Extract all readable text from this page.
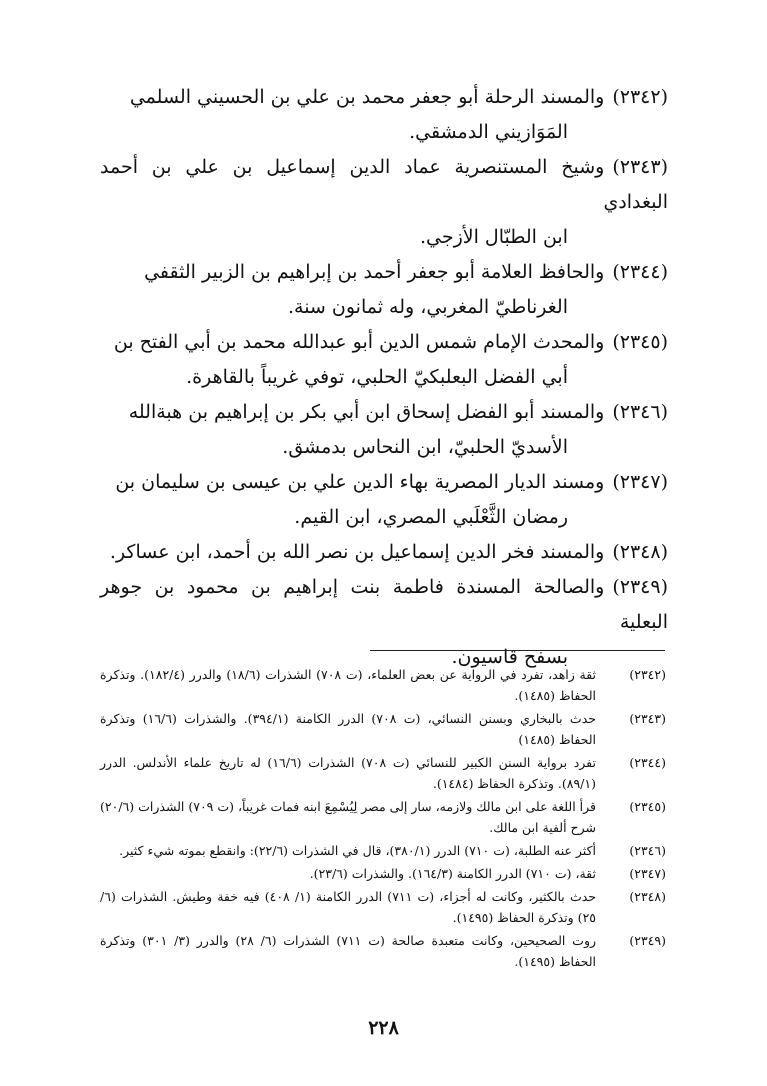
(٢٣٤٢)والمسند الرحلة أبو جعفر محمد بن علي بن الحسيني السلمي
المَوَازيني الدمشقي.
(٢٣٤٣)وشيخ المستنصرية عماد الدين إسماعيل بن علي بن أحمد البغدادي
ابن الطبّال الأزجي.
(٢٣٤٤)والحافظ العلامة أبو جعفر أحمد بن إبراهيم بن الزبير الثقفي
الغرناطيّ المغربي، وله ثمانون سنة.
(٢٣٤٥)والمحدث الإمام شمس الدين أبو عبدالله محمد بن أبي الفتح بن
أبي الفضل البعلبكيّ الحلبي، توفي غريباً بالقاهرة.
(٢٣٤٦)والمسند أبو الفضل إسحاق ابن أبي بكر بن إبراهيم بن هبةالله
الأسديّ الحلبيّ، ابن النحاس بدمشق.
(٢٣٤٧)ومسند الديار المصرية بهاء الدين علي بن عيسى بن سليمان بن
رمضان الثَّعْلَبي المصري، ابن القيم.
(٢٣٤٨)والمسند فخر الدين إسماعيل بن نصر الله بن أحمد، ابن عساكر.
(٢٣٤٩)والصالحة المسندة فاطمة بنت إبراهيم بن محمود بن جوهر البعلية
بسفح قاسيون.
(٢٣٤٢)
ثقة زاهد، تفرد في الرواية عن بعض العلماء، (ت ٧٠٨) الشذرات (١٨/٦) والدرر (١٨٢/٤). وتذكرة الحفاظ (١٤٨٥).
(٢٣٤٣)
حدث بالبخاري وبسنن النسائي، (ت ٧٠٨) الدرر الكامنة (٣٩٤/١). والشذرات (١٦/٦) وتذكرة الحفاظ (١٤٨٥)
(٢٣٤٤)
تفرد برواية السنن الكبير للنسائي (ت ٧٠٨) الشذرات (١٦/٦) له تاريخ علماء الأندلس. الدرر (٨٩/١). وتذكرة الحفاظ (١٤٨٤).
(٢٣٤٥)
قرأ اللغة على ابن مالك ولازمه، سار إلى مصر لِيُسْمِعَ ابنه فمات غريباً، (ت ٧٠٩) الشذرات (٢٠/٦) شرح ألفية ابن مالك.
(٢٣٤٦)
أكثر عنه الطلبة، (ت ٧١٠) الدرر (٣٨٠/١)، قال في الشذرات (٢٢/٦): وانقطع بموته شيء كثير.
(٢٣٤٧)
ثقة، (ت ٧١٠) الدرر الكامنة (١٦٤/٣). والشذرات (٢٣/٦).
(٢٣٤٨)
حدث بالكثير، وكانت له أجزاء، (ت ٧١١) الدرر الكامنة (١/ ٤٠٨) فيه خفة وطيش. الشذرات (٦/ ٢٥) وتذكرة الحفاظ (١٤٩٥).
(٢٣٤٩)
روت الصحيحين، وكانت متعبدة صالحة (ت ٧١١) الشذرات (٦/ ٢٨) والدرر (٣/ ٣٠١) وتذكرة الحفاظ (١٤٩٥).
٢٢٨
